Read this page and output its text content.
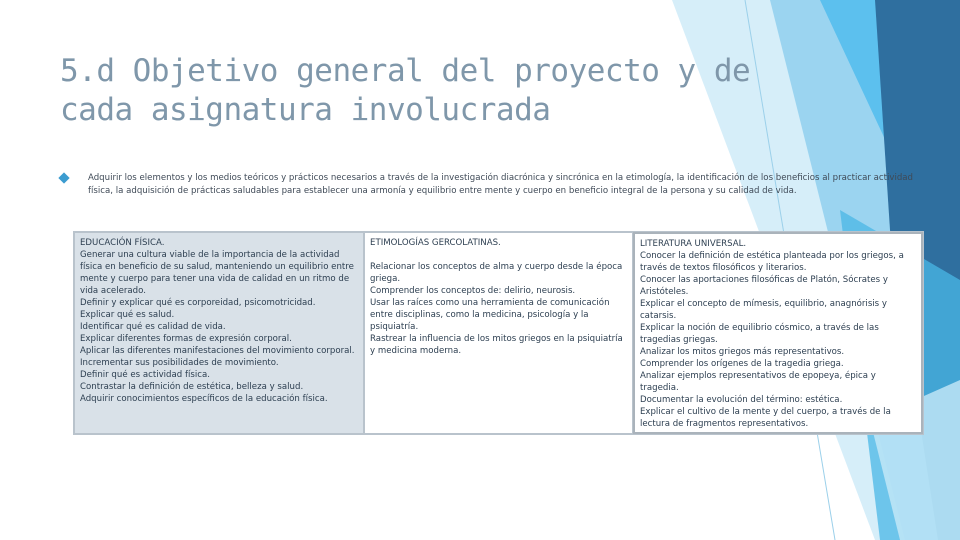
5.d Objetivo general del proyecto y de cada asignatura involucrada
Adquirir los elementos y los medios teóricos y prácticos necesarios a través de la investigación diacrónica y sincrónica en la etimología, la identificación de los beneficios al practicar actividad física, la adquisición de prácticas saludables para establecer una armonía y equilibrio entre mente y cuerpo en beneficio integral de la persona y su calidad de vida.
EDUCACIÓN FÍSICA.
Generar una cultura viable de la importancia de la actividad física en beneficio de su salud, manteniendo un equilibrio entre mente y cuerpo para tener una vida de calidad en un ritmo de vida acelerado.
Definir y explicar qué es corporeidad, psicomotricidad.
Explicar qué es salud.
Identificar qué es calidad de vida.
Explicar diferentes formas de expresión corporal.
Aplicar las diferentes manifestaciones del movimiento corporal.
Incrementar sus posibilidades de movimiento.
Definir qué es actividad física.
Contrastar la definición de estética, belleza y salud.
Adquirir conocimientos específicos de la educación física.

ETIMOLOGÍAS GERCOLATINAS.

Relacionar los conceptos de alma y cuerpo desde la época griega.
Comprender los conceptos de: delirio, neurosis.
Usar las raíces como una herramienta de comunicación entre disciplinas, como la medicina, psicología y la psiquiatría.
Rastrear la influencia de los mitos griegos en la psiquiatría y medicina moderna.

LITERATURA UNIVERSAL.
Conocer la definición de estética planteada por los griegos, a través de textos filosóficos y literarios.
Conocer las aportaciones filosóficas de Platón, Sócrates y Aristóteles.
Explicar el concepto de mímesis, equilibrio, anagnórisis y catarsis.
Explicar la noción de equilibrio cósmico, a través de las tragedias griegas.
Analizar los mitos griegos más representativos.
Comprender los orígenes de la tragedia griega.
Analizar ejemplos representativos de epopeya, épica y tragedia.
Documentar la evolución del término: estética.
Explicar el cultivo de la mente y del cuerpo, a través de la lectura de fragmentos representativos.
